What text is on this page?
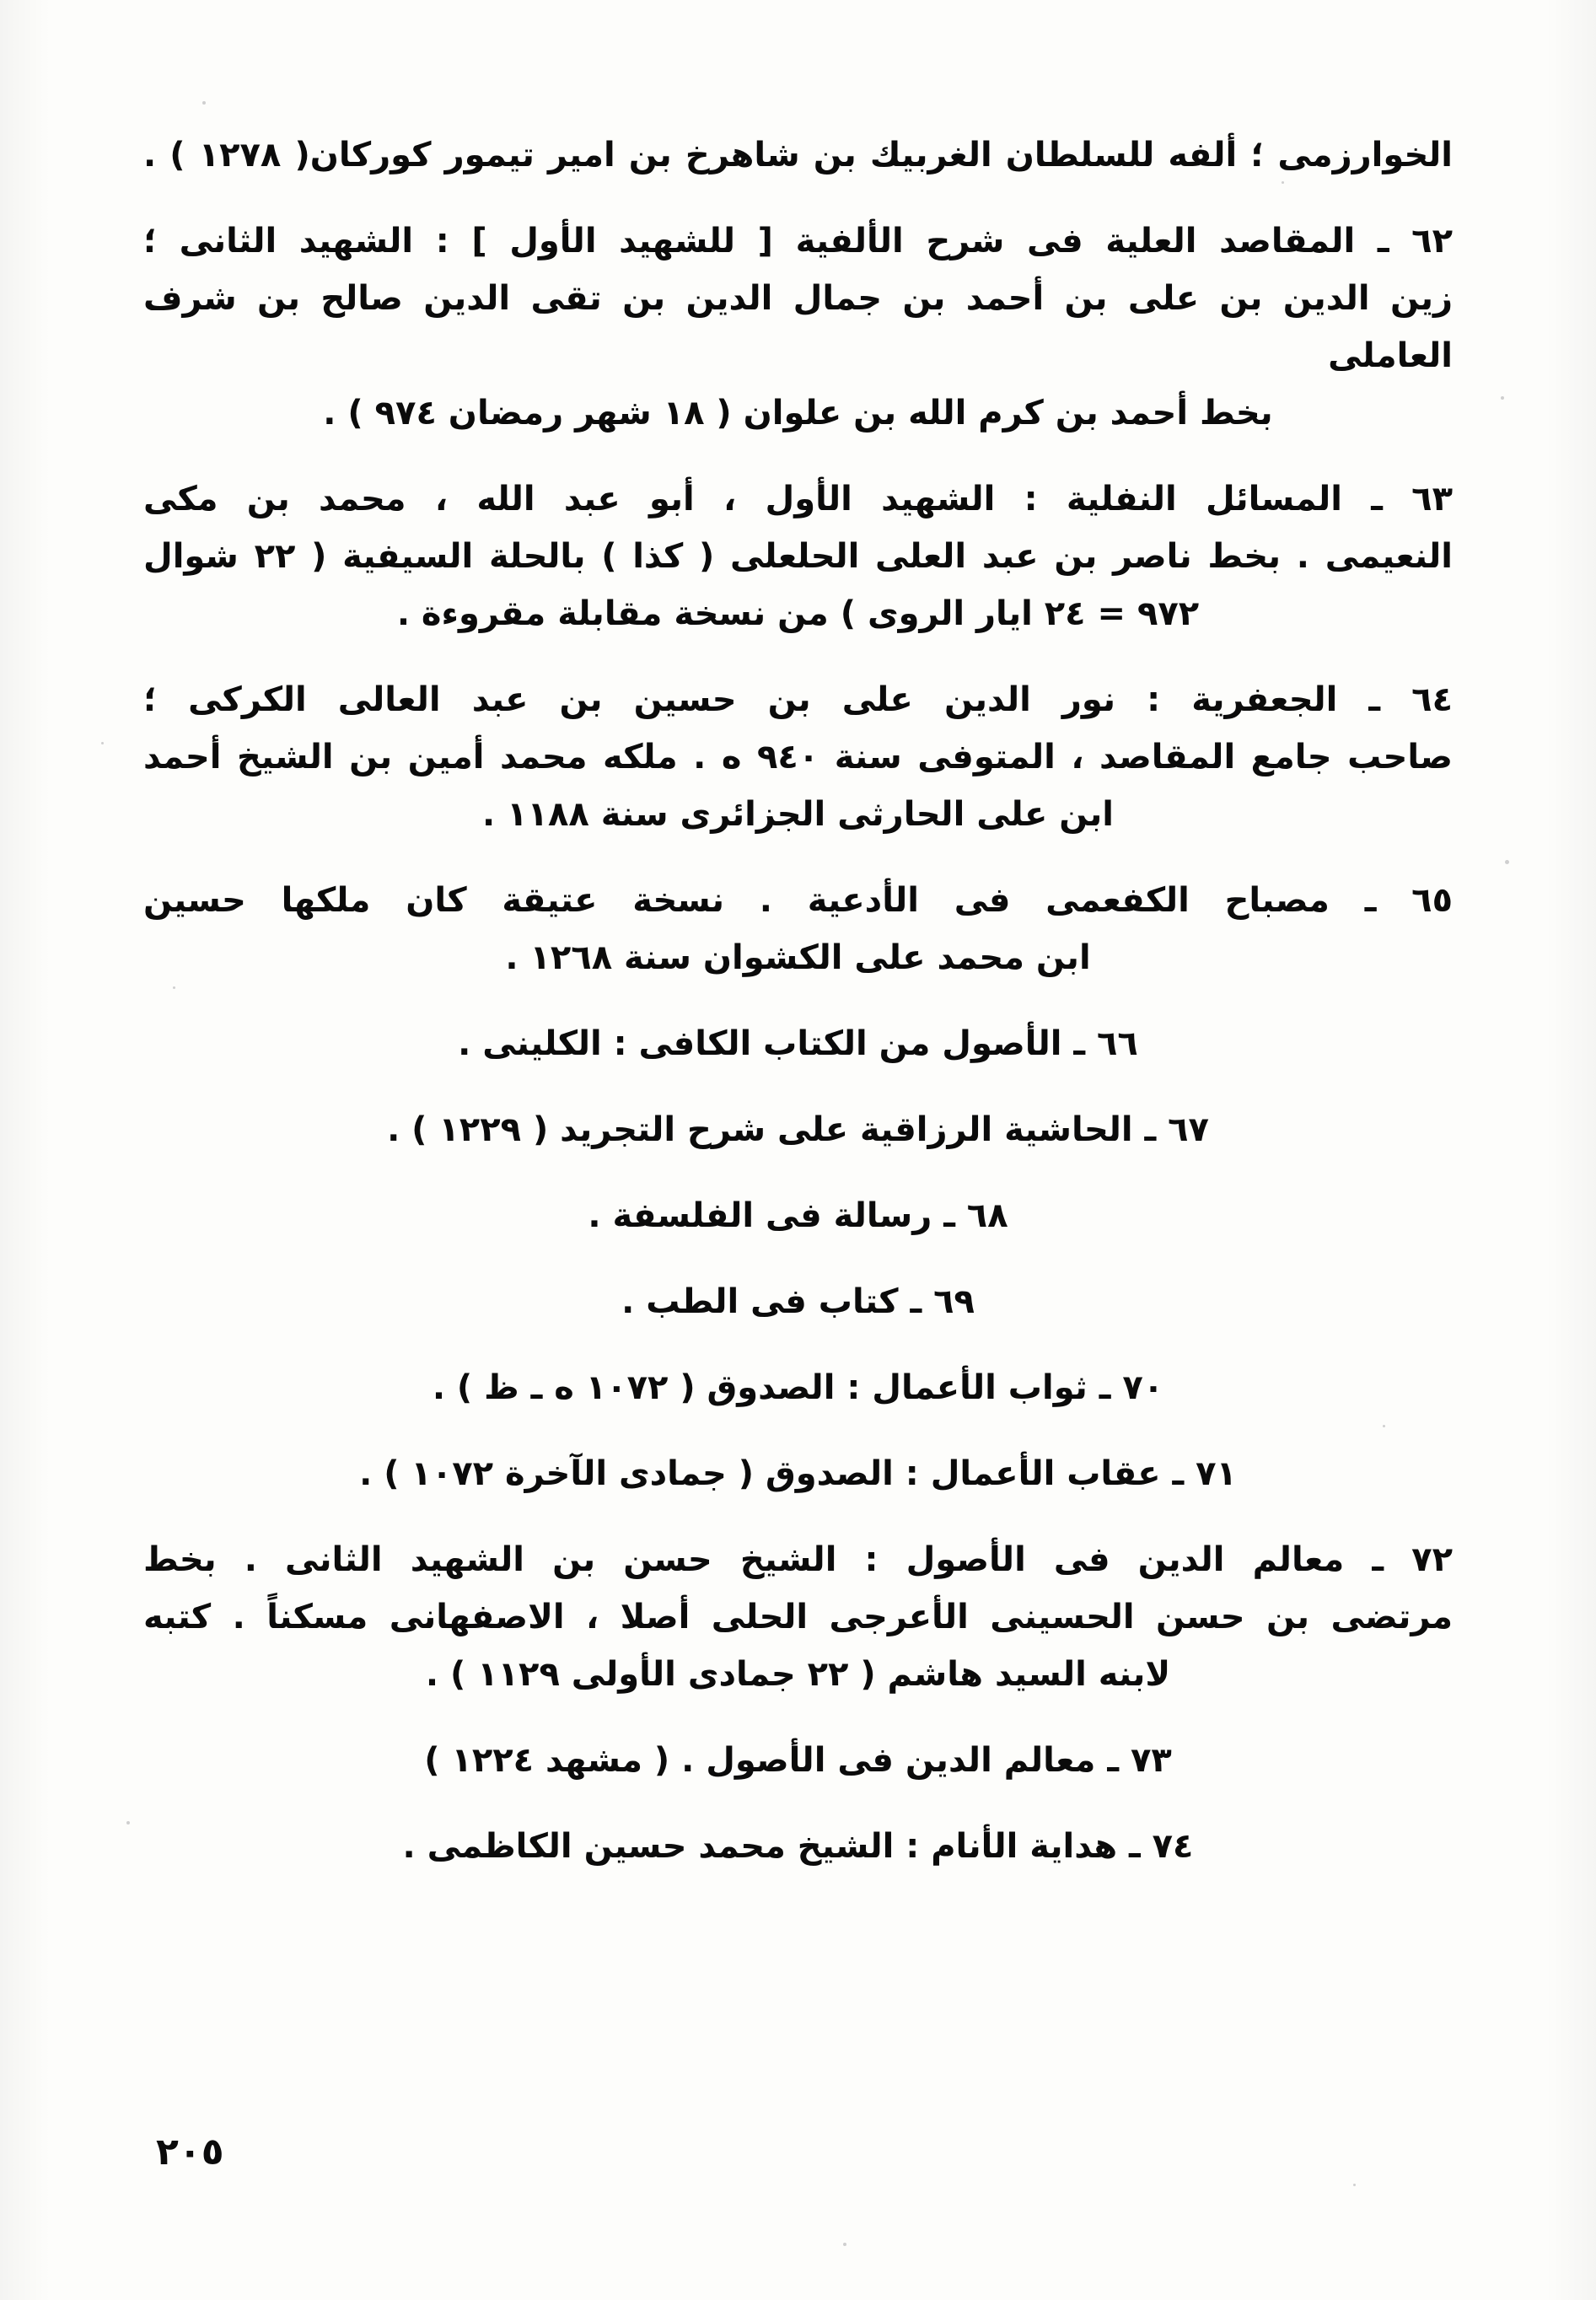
الخوارزمى ؛ ألفه للسلطان الغربيك بن شاهرخ بن امير تيمور كوركان( ١٢٧٨ ) .
٦٢ ـ المقاصد العلية فى شرح الألفية [ للشهيد الأول ] : الشهيد الثانى ؛
زين الدين بن على بن أحمد بن جمال الدين بن تقى الدين صالح بن شرف العاملى
بخط أحمد بن كرم الله بن علوان ( ١٨ شهر رمضان ٩٧٤ ) .
٦٣ ـ المسائل النفلية : الشهيد الأول ، أبو عبد الله ، محمد بن مكى
النعيمى . بخط ناصر بن عبد العلى الحلعلى ( كذا ) بالحلة السيفية ( ٢٢ شوال
٩٧٢ = ٢٤ ايار الروى ) من نسخة مقابلة مقروءة .
٦٤ ـ الجعفرية : نور الدين على بن حسين بن عبد العالى الكركى ؛
صاحب جامع المقاصد ، المتوفى سنة ٩٤٠ ه . ملكه محمد أمين بن الشيخ أحمد
ابن على الحارثى الجزائرى سنة ١١٨٨ .
٦٥ ـ مصباح الكفعمى فى الأدعية . نسخة عتيقة كان ملكها حسين
ابن محمد على الكشوان سنة ١٢٦٨ .
٦٦ ـ الأصول من الكتاب الكافى : الكلينى .
٦٧ ـ الحاشية الرزاقية على شرح التجريد ( ١٢٢٩ ) .
٦٨ ـ رسالة فى الفلسفة .
٦٩ ـ كتاب فى الطب .
٧٠ ـ ثواب الأعمال : الصدوق ( ١٠٧٢ ه ـ ظ ) .
٧١ ـ عقاب الأعمال : الصدوق ( جمادى الآخرة ١٠٧٢ ) .
٧٢ ـ معالم الدين فى الأصول : الشيخ حسن بن الشهيد الثانى . بخط
مرتضى بن حسن الحسينى الأعرجى الحلى أصلا ، الاصفهانى مسكناً . كتبه
لابنه السيد هاشم ( ٢٢ جمادى الأولى ١١٢٩ ) .
٧٣ ـ معالم الدين فى الأصول . ( مشهد ١٢٢٤ )
٧٤ ـ هداية الأنام : الشيخ محمد حسين الكاظمى .
٢٠٥
